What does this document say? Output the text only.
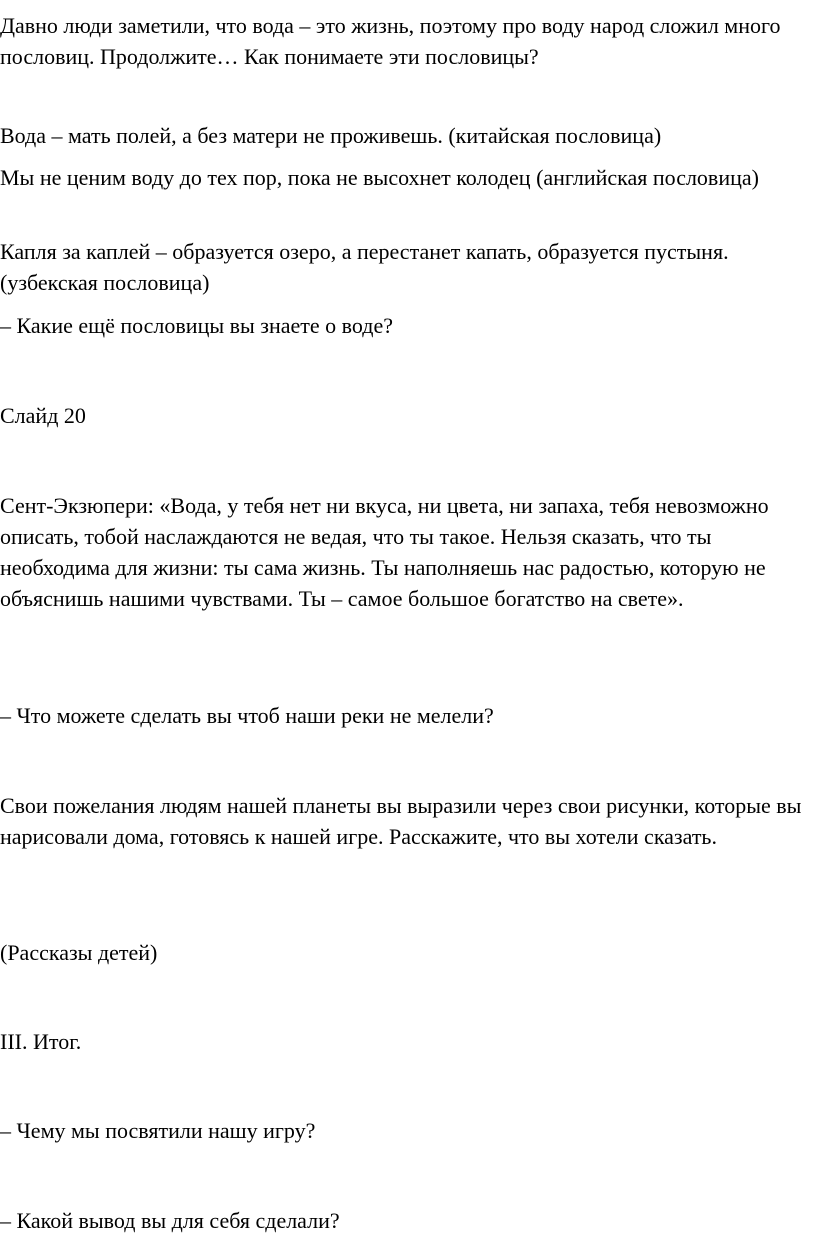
Давно люди заметили, что вода – это жизнь, поэтому про воду народ сложил много пословиц. Продолжите… Как понимаете эти пословицы?

Вода – мать полей, а без матери не проживешь. (китайская пословица)

Мы не ценим воду до тех пор, пока не высохнет колодец (английская пословица)

Капля за каплей – образуется озеро, а перестанет капать, образуется пустыня. (узбекская пословица)

– Какие ещё пословицы вы знаете о воде?

Слайд 20

Сент-Экзюпери: «Вода, у тебя нет ни вкуса, ни цвета, ни запаха, тебя невозможно описать, тобой наслаждаются не ведая, что ты такое. Нельзя сказать, что ты необходима для жизни: ты сама жизнь. Ты наполняешь нас радостью, которую не объяснишь нашими чувствами. Ты – самое большое богатство на свете».

– Что можете сделать вы чтоб наши реки не мелели?

Свои пожелания людям нашей планеты вы выразили через свои рисунки, которые вы нарисовали дома, готовясь к нашей игре. Расскажите, что вы хотели сказать.

(Рассказы детей)

III. Итог.

– Чему мы посвятили нашу игру?

– Какой вывод вы для себя сделали?
